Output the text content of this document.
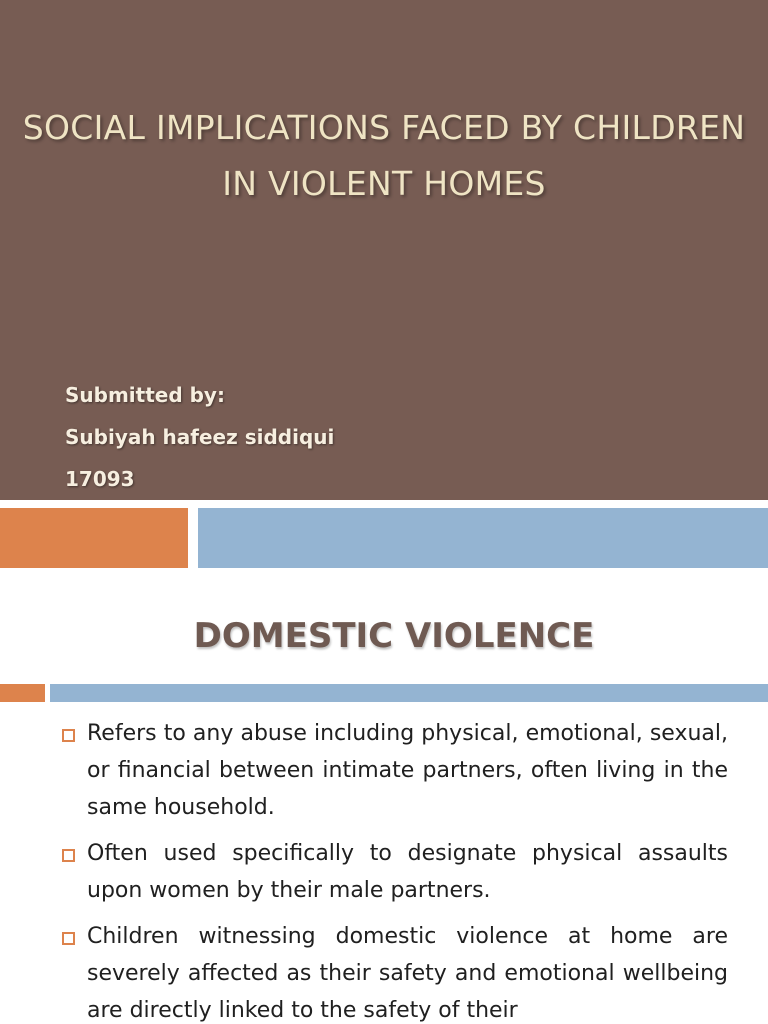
SOCIAL IMPLICATIONS FACED BY CHILDREN IN VIOLENT HOMES
Submitted by:
Subiyah hafeez siddiqui
17093
DOMESTIC VIOLENCE
Refers to any abuse including physical, emotional, sexual, or financial between intimate partners, often living in the same household.
Often used specifically to designate physical assaults upon women by their male partners.
Children witnessing domestic violence at home are severely affected as their safety and emotional wellbeing are directly linked to the safety of their
